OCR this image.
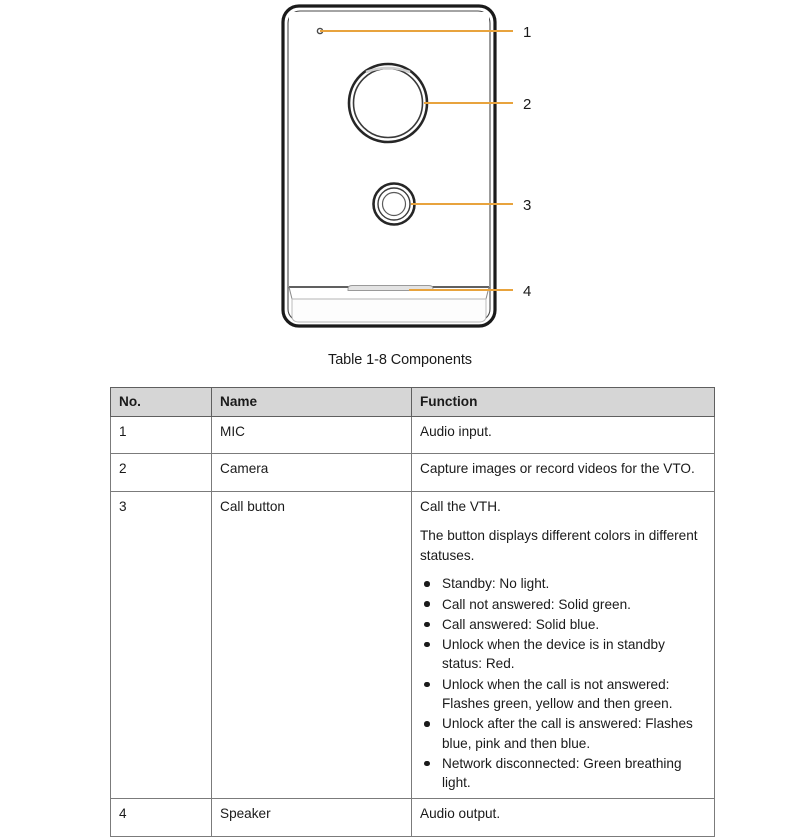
1
2
3
4
Table 1-8 Components
No.	Name	Function
1	MIC	Audio input.

2	Camera	Capture images or record videos for the VTO.

3	Call button	Call the VTH.

The button displays different colors in different statuses.

Standby: No light.
Call not answered: Solid green.
Call answered: Solid blue.
Unlock when the device is in standby status: Red.
Unlock when the call is not answered: Flashes green, yellow and then green.
Unlock after the call is answered: Flashes blue, pink and then blue.
Network disconnected: Green breathing light.

4	Speaker	Audio output.
